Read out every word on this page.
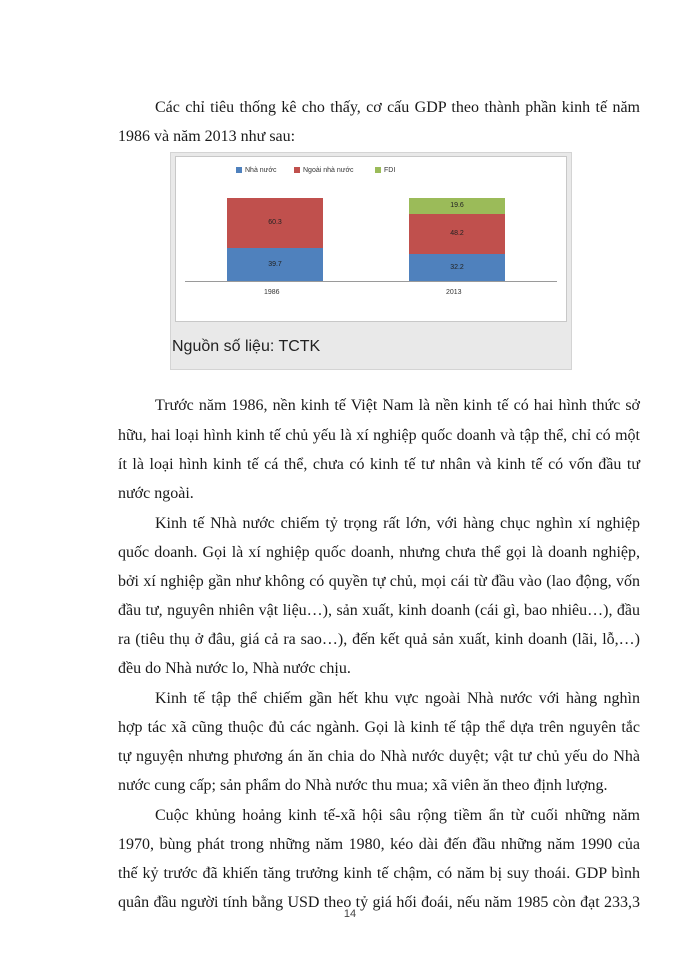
Các chỉ tiêu thống kê cho thấy, cơ cấu GDP theo thành phần kinh tế năm
1986 và năm 2013 như sau:
Nhà nước	Ngoài nhà nước	FDI
39.7
60.3
32.2
48.2
19.6
1986	2013
Nguồn số liệu: TCTK
Trước năm 1986, nền kinh tế Việt Nam là nền kinh tế có hai hình thức sở
hữu, hai loại hình kinh tế chủ yếu là xí nghiệp quốc doanh và tập thể, chỉ có một
ít là loại hình kinh tế cá thể, chưa có kinh tế tư nhân và kinh tế có vốn đầu tư
nước ngoài.
Kinh tế Nhà nước chiếm tỷ trọng rất lớn, với hàng chục nghìn xí nghiệp
quốc doanh. Gọi là xí nghiệp quốc doanh, nhưng chưa thể gọi là doanh nghiệp,
bởi xí nghiệp gần như không có quyền tự chủ, mọi cái từ đầu vào (lao động, vốn
đầu tư, nguyên nhiên vật liệu…), sản xuất, kinh doanh (cái gì, bao nhiêu…), đầu
ra (tiêu thụ ở đâu, giá cả ra sao…), đến kết quả sản xuất, kinh doanh (lãi, lỗ,…)
đều do Nhà nước lo, Nhà nước chịu.
Kinh tế tập thể chiếm gần hết khu vực ngoài Nhà nước với hàng nghìn
hợp tác xã cũng thuộc đủ các ngành. Gọi là kinh tế tập thể dựa trên nguyên tắc
tự nguyện nhưng phương án ăn chia do Nhà nước duyệt; vật tư chủ yếu do Nhà
nước cung cấp; sản phẩm do Nhà nước thu mua; xã viên ăn theo định lượng.
Cuộc khủng hoảng kinh tế-xã hội sâu rộng tiềm ẩn từ cuối những năm
1970, bùng phát trong những năm 1980, kéo dài đến đầu những năm 1990 của
thế kỷ trước đã khiến tăng trưởng kinh tế chậm, có năm bị suy thoái. GDP bình
quân đầu người tính bằng USD theo tỷ giá hối đoái, nếu năm 1985 còn đạt 233,3
14
